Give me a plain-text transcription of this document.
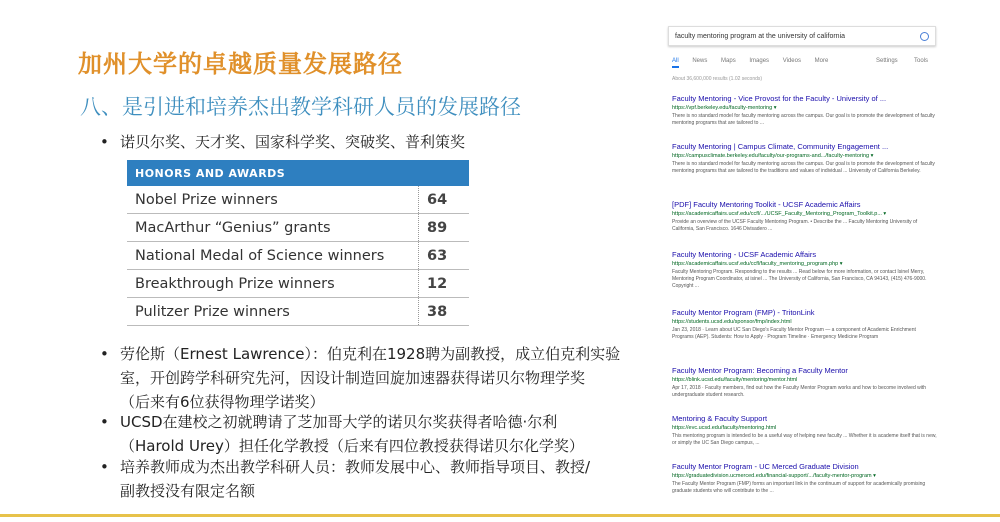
加州大学的卓越质量发展路径
八、是引进和培养杰出教学科研人员的发展路径
• 诺贝尔奖、天才奖、国家科学奖、突破奖、普利策奖
HONORS AND AWARDS	
Nobel Prize winners	64
MacArthur “Genius” grants	89
National Medal of Science winners	63
Breakthrough Prize winners	12
Pulitzer Prize winners	38
• 劳伦斯（Ernest Lawrence）：伯克利在1928聘为副教授，成立伯克利实验
室，开创跨学科研究先河，因设计制造回旋加速器获得诺贝尔物理学奖
（后来有6位获得物理学诺奖）
• UCSD在建校之初就聘请了芝加哥大学的诺贝尔奖获得者哈德·尔利
（Harold Urey）担任化学教授（后来有四位教授获得诺贝尔化学奖）
• 培养教师成为杰出教学科研人员：教师发展中心、教师指导项目、教授/
副教授没有限定名额
faculty mentoring program at the university of california
All News Maps Images Videos More	Settings	Tools
About 36,600,000 results (1.02 seconds)
Faculty Mentoring - Vice Provost for the Faculty - University of ...
https://vpf.berkeley.edu/faculty-mentoring ▾
There is no standard model for faculty mentoring across the campus. Our goal is to promote the development of faculty mentoring programs that are tailored to ...
Faculty Mentoring | Campus Climate, Community Engagement ...
https://campusclimate.berkeley.edu/faculty/our-programs-and.../faculty-mentoring ▾
There is no standard model for faculty mentoring across the campus. Our goal is to promote the development of faculty mentoring programs that are tailored to the traditions and values of individual ... University of California Berkeley.
[PDF] Faculty Mentoring Toolkit - UCSF Academic Affairs
https://academicaffairs.ucsf.edu/ccfl/.../UCSF_Faculty_Mentoring_Program_Toolkit.p... ▾
Provide an overview of the UCSF Faculty Mentoring Program. • Describe the ... Faculty Mentoring University of California, San Francisco. 1646 Divisadero ...
Faculty Mentoring - UCSF Academic Affairs
https://academicaffairs.ucsf.edu/ccfl/faculty_mentoring_program.php ▾
Faculty Mentoring Program. Responding to the results ... Read below for more information, or contact Isinel Merry, Mentoring Program Coordinator, at isinel ... The University of California, San Francisco, CA 94143, (415) 476-9000. Copyright ...
Faculty Mentor Program (FMP) - TritonLink
https://students.ucsd.edu/sponsor/fmp/index.html
Jan 23, 2018 · Learn about UC San Diego's Faculty Mentor Program — a component of Academic Enrichment Programs (AEP). Students: How to Apply · Program Timeline · Emergency Medicine Program
Faculty Mentor Program: Becoming a Faculty Mentor
https://blink.ucsd.edu/faculty/mentoring/mentor.html
Apr 17, 2018 · Faculty members, find out how the Faculty Mentor Program works and how to become involved with undergraduate student research.
Mentoring & Faculty Support
https://evc.ucsd.edu/faculty/mentoring.html
This mentoring program is intended to be a useful way of helping new faculty ... Whether it is academe itself that is new, or simply the UC San Diego campus, ...
Faculty Mentor Program - UC Merced Graduate Division
https://graduatedivision.ucmerced.edu/financial-support/.../faculty-mentor-program ▾
The Faculty Mentor Program (FMP) forms an important link in the continuum of support for academically promising graduate students who will contribute to the ...
